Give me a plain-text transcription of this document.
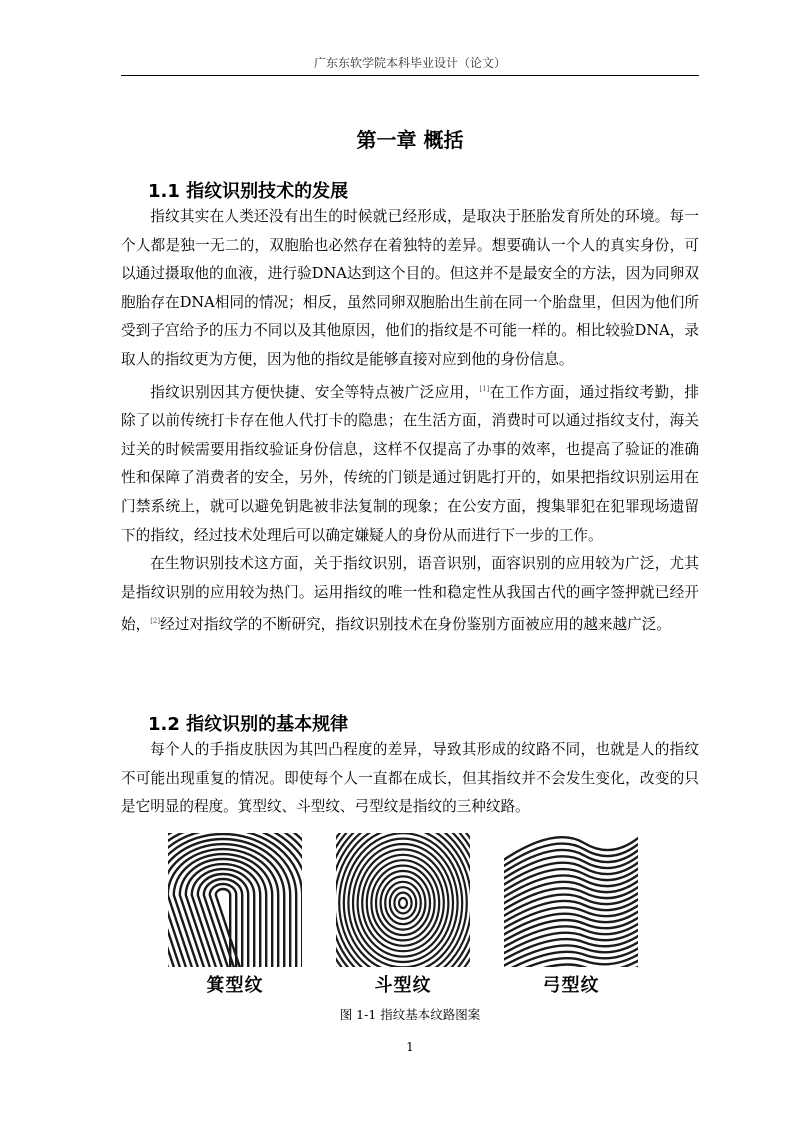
广东东软学院本科毕业设计（论文）
第一章 概括
1.1 指纹识别技术的发展

指纹其实在人类还没有出生的时候就已经形成，是取决于胚胎发育所处的环境。每一个人都是独一无二的，双胞胎也必然存在着独特的差异。想要确认一个人的真实身份，可以通过摄取他的血液，进行验DNA达到这个目的。但这并不是最安全的方法，因为同卵双胞胎存在DNA相同的情况；相反，虽然同卵双胞胎出生前在同一个胎盘里，但因为他们所受到子宫给予的压力不同以及其他原因，他们的指纹是不可能一样的。相比较验DNA，录取人的指纹更为方便，因为他的指纹是能够直接对应到他的身份信息。

指纹识别因其方便快捷、安全等特点被广泛应用，[1]在工作方面，通过指纹考勤，排除了以前传统打卡存在他人代打卡的隐患；在生活方面，消费时可以通过指纹支付，海关过关的时候需要用指纹验证身份信息，这样不仅提高了办事的效率，也提高了验证的准确性和保障了消费者的安全，另外，传统的门锁是通过钥匙打开的，如果把指纹识别运用在门禁系统上，就可以避免钥匙被非法复制的现象；在公安方面，搜集罪犯在犯罪现场遗留下的指纹，经过技术处理后可以确定嫌疑人的身份从而进行下一步的工作。

在生物识别技术这方面，关于指纹识别，语音识别，面容识别的应用较为广泛，尤其是指纹识别的应用较为热门。运用指纹的唯一性和稳定性从我国古代的画字签押就已经开始，[2]经过对指纹学的不断研究，指纹识别技术在身份鉴别方面被应用的越来越广泛。

1.2 指纹识别的基本规律

每个人的手指皮肤因为其凹凸程度的差异，导致其形成的纹路不同，也就是人的指纹不可能出现重复的情况。即使每个人一直都在成长，但其指纹并不会发生变化，改变的只是它明显的程度。箕型纹、斗型纹、弓型纹是指纹的三种纹路。

箕型纹	斗型纹	弓型纹
图 1-1 指纹基本纹路图案
1
